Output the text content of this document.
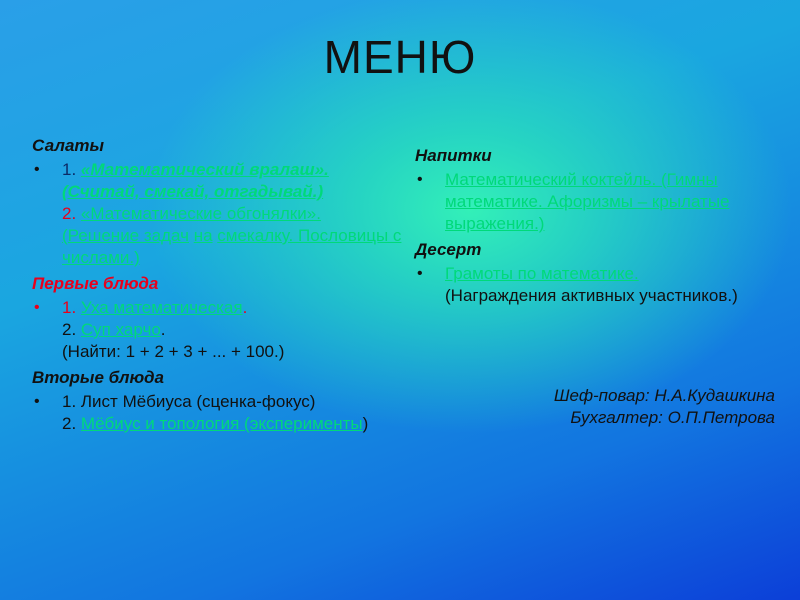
МЕНЮ

Салаты

• 1. «Математический вралаш». (Считай, смекай, отгадывай.)
2. «Математические обгонялки». (Решение задач на смекалку. Пословицы с числами.)

Первые блюда

• 1. Уха математическая.
2. Суп харчо.
(Найти: 1 + 2 + 3 + ... + 100.)

Вторые блюда

• 1. Лист Мёбиуса (сценка-фокус)
2. Мёбиус и топология (эксперименты)

Напитки

• Математический коктейль. (Гимны математике. Афоризмы – крылатые выражения.)

Десерт

• Грамоты по математике.
(Награждения активных участников.)
Шеф-повар: Н.А.Кудашкина
Бухгалтер: О.П.Петрова
